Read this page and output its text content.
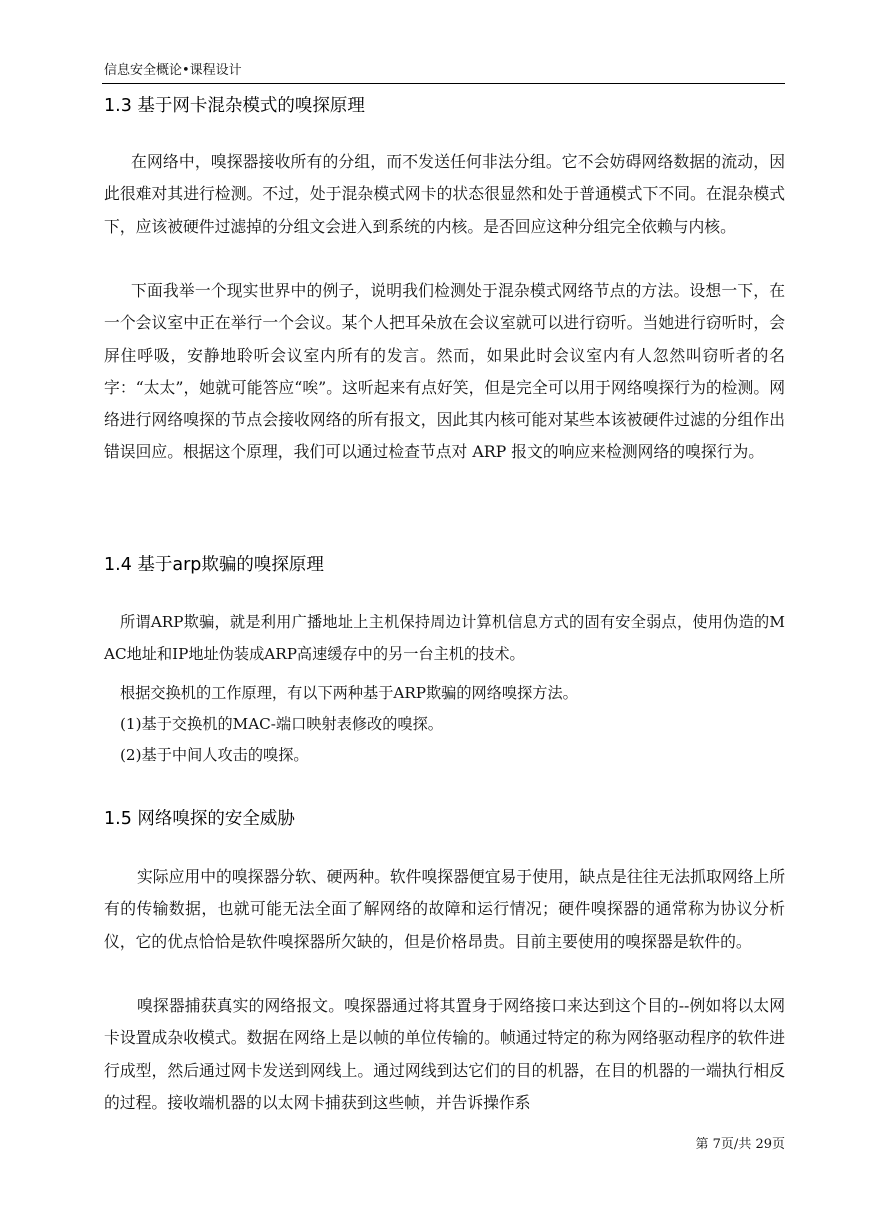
信息安全概论•课程设计
1.3 基于网卡混杂模式的嗅探原理

在网络中，嗅探器接收所有的分组，而不发送任何非法分组。它不会妨碍网络数据的流动，因此很难对其进行检测。不过，处于混杂模式网卡的状态很显然和处于普通模式下不同。在混杂模式下，应该被硬件过滤掉的分组文会进入到系统的内核。是否回应这种分组完全依赖与内核。

下面我举一个现实世界中的例子，说明我们检测处于混杂模式网络节点的方法。设想一下，在一个会议室中正在举行一个会议。某个人把耳朵放在会议室就可以进行窃听。当她进行窃听时，会屏住呼吸，安静地聆听会议室内所有的发言。然而，如果此时会议室内有人忽然叫窃听者的名字：“太太”，她就可能答应“唉”。这听起来有点好笑，但是完全可以用于网络嗅探行为的检测。网络进行网络嗅探的节点会接收网络的所有报文，因此其内核可能对某些本该被硬件过滤的分组作出错误回应。根据这个原理，我们可以通过检查节点对 ARP 报文的响应来检测网络的嗅探行为。

1.4 基于arp欺骗的嗅探原理

所谓ARP欺骗，就是利用广播地址上主机保持周边计算机信息方式的固有安全弱点，使用伪造的MAC地址和IP地址伪装成ARP高速缓存中的另一台主机的技术。

根据交换机的工作原理，有以下两种基于ARP欺骗的网络嗅探方法。
(1)基于交换机的MAC-端口映射表修改的嗅探。
(2)基于中间人攻击的嗅探。
1.5 网络嗅探的安全威胁

实际应用中的嗅探器分软、硬两种。软件嗅探器便宜易于使用，缺点是往往无法抓取网络上所有的传输数据，也就可能无法全面了解网络的故障和运行情况；硬件嗅探器的通常称为协议分析仪，它的优点恰恰是软件嗅探器所欠缺的，但是价格昂贵。目前主要使用的嗅探器是软件的。

嗅探器捕获真实的网络报文。嗅探器通过将其置身于网络接口来达到这个目的--例如将以太网卡设置成杂收模式。数据在网络上是以帧的单位传输的。帧通过特定的称为网络驱动程序的软件进行成型，然后通过网卡发送到网线上。通过网线到达它们的目的机器，在目的机器的一端执行相反的过程。接收端机器的以太网卡捕获到这些帧，并告诉操作系

第 7页/共 29页
